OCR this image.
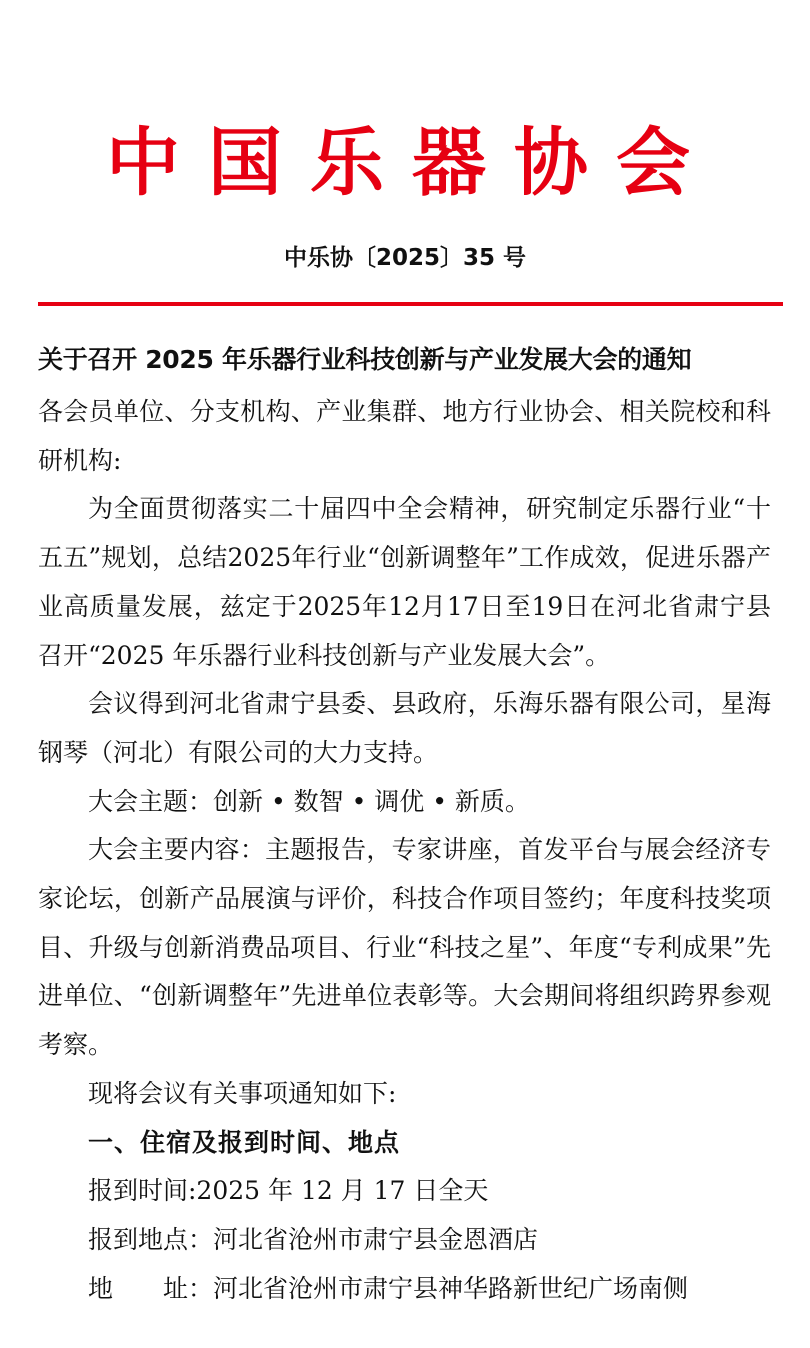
中国乐器协会
中乐协〔2025〕35 号
关于召开 2025 年乐器行业科技创新与产业发展大会的通知

各会员单位、分支机构、产业集群、地方行业协会、相关院校和科研机构:

为全面贯彻落实二十届四中全会精神，研究制定乐器行业“十五五”规划，总结2025年行业“创新调整年”工作成效，促进乐器产业高质量发展，兹定于2025年12月17日至19日在河北省肃宁县召开“2025 年乐器行业科技创新与产业发展大会”。

会议得到河北省肃宁县委、县政府，乐海乐器有限公司，星海钢琴（河北）有限公司的大力支持。

大会主题：创新 • 数智 • 调优 • 新质。

大会主要内容：主题报告，专家讲座，首发平台与展会经济专家论坛，创新产品展演与评价，科技合作项目签约；年度科技奖项目、升级与创新消费品项目、行业“科技之星”、年度“专利成果”先进单位、“创新调整年”先进单位表彰等。大会期间将组织跨界参观考察。

现将会议有关事项通知如下:

一、住宿及报到时间、地点

报到时间:2025 年 12 月 17 日全天

报到地点：河北省沧州市肃宁县金恩酒店

地　　址：河北省沧州市肃宁县神华路新世纪广场南侧
